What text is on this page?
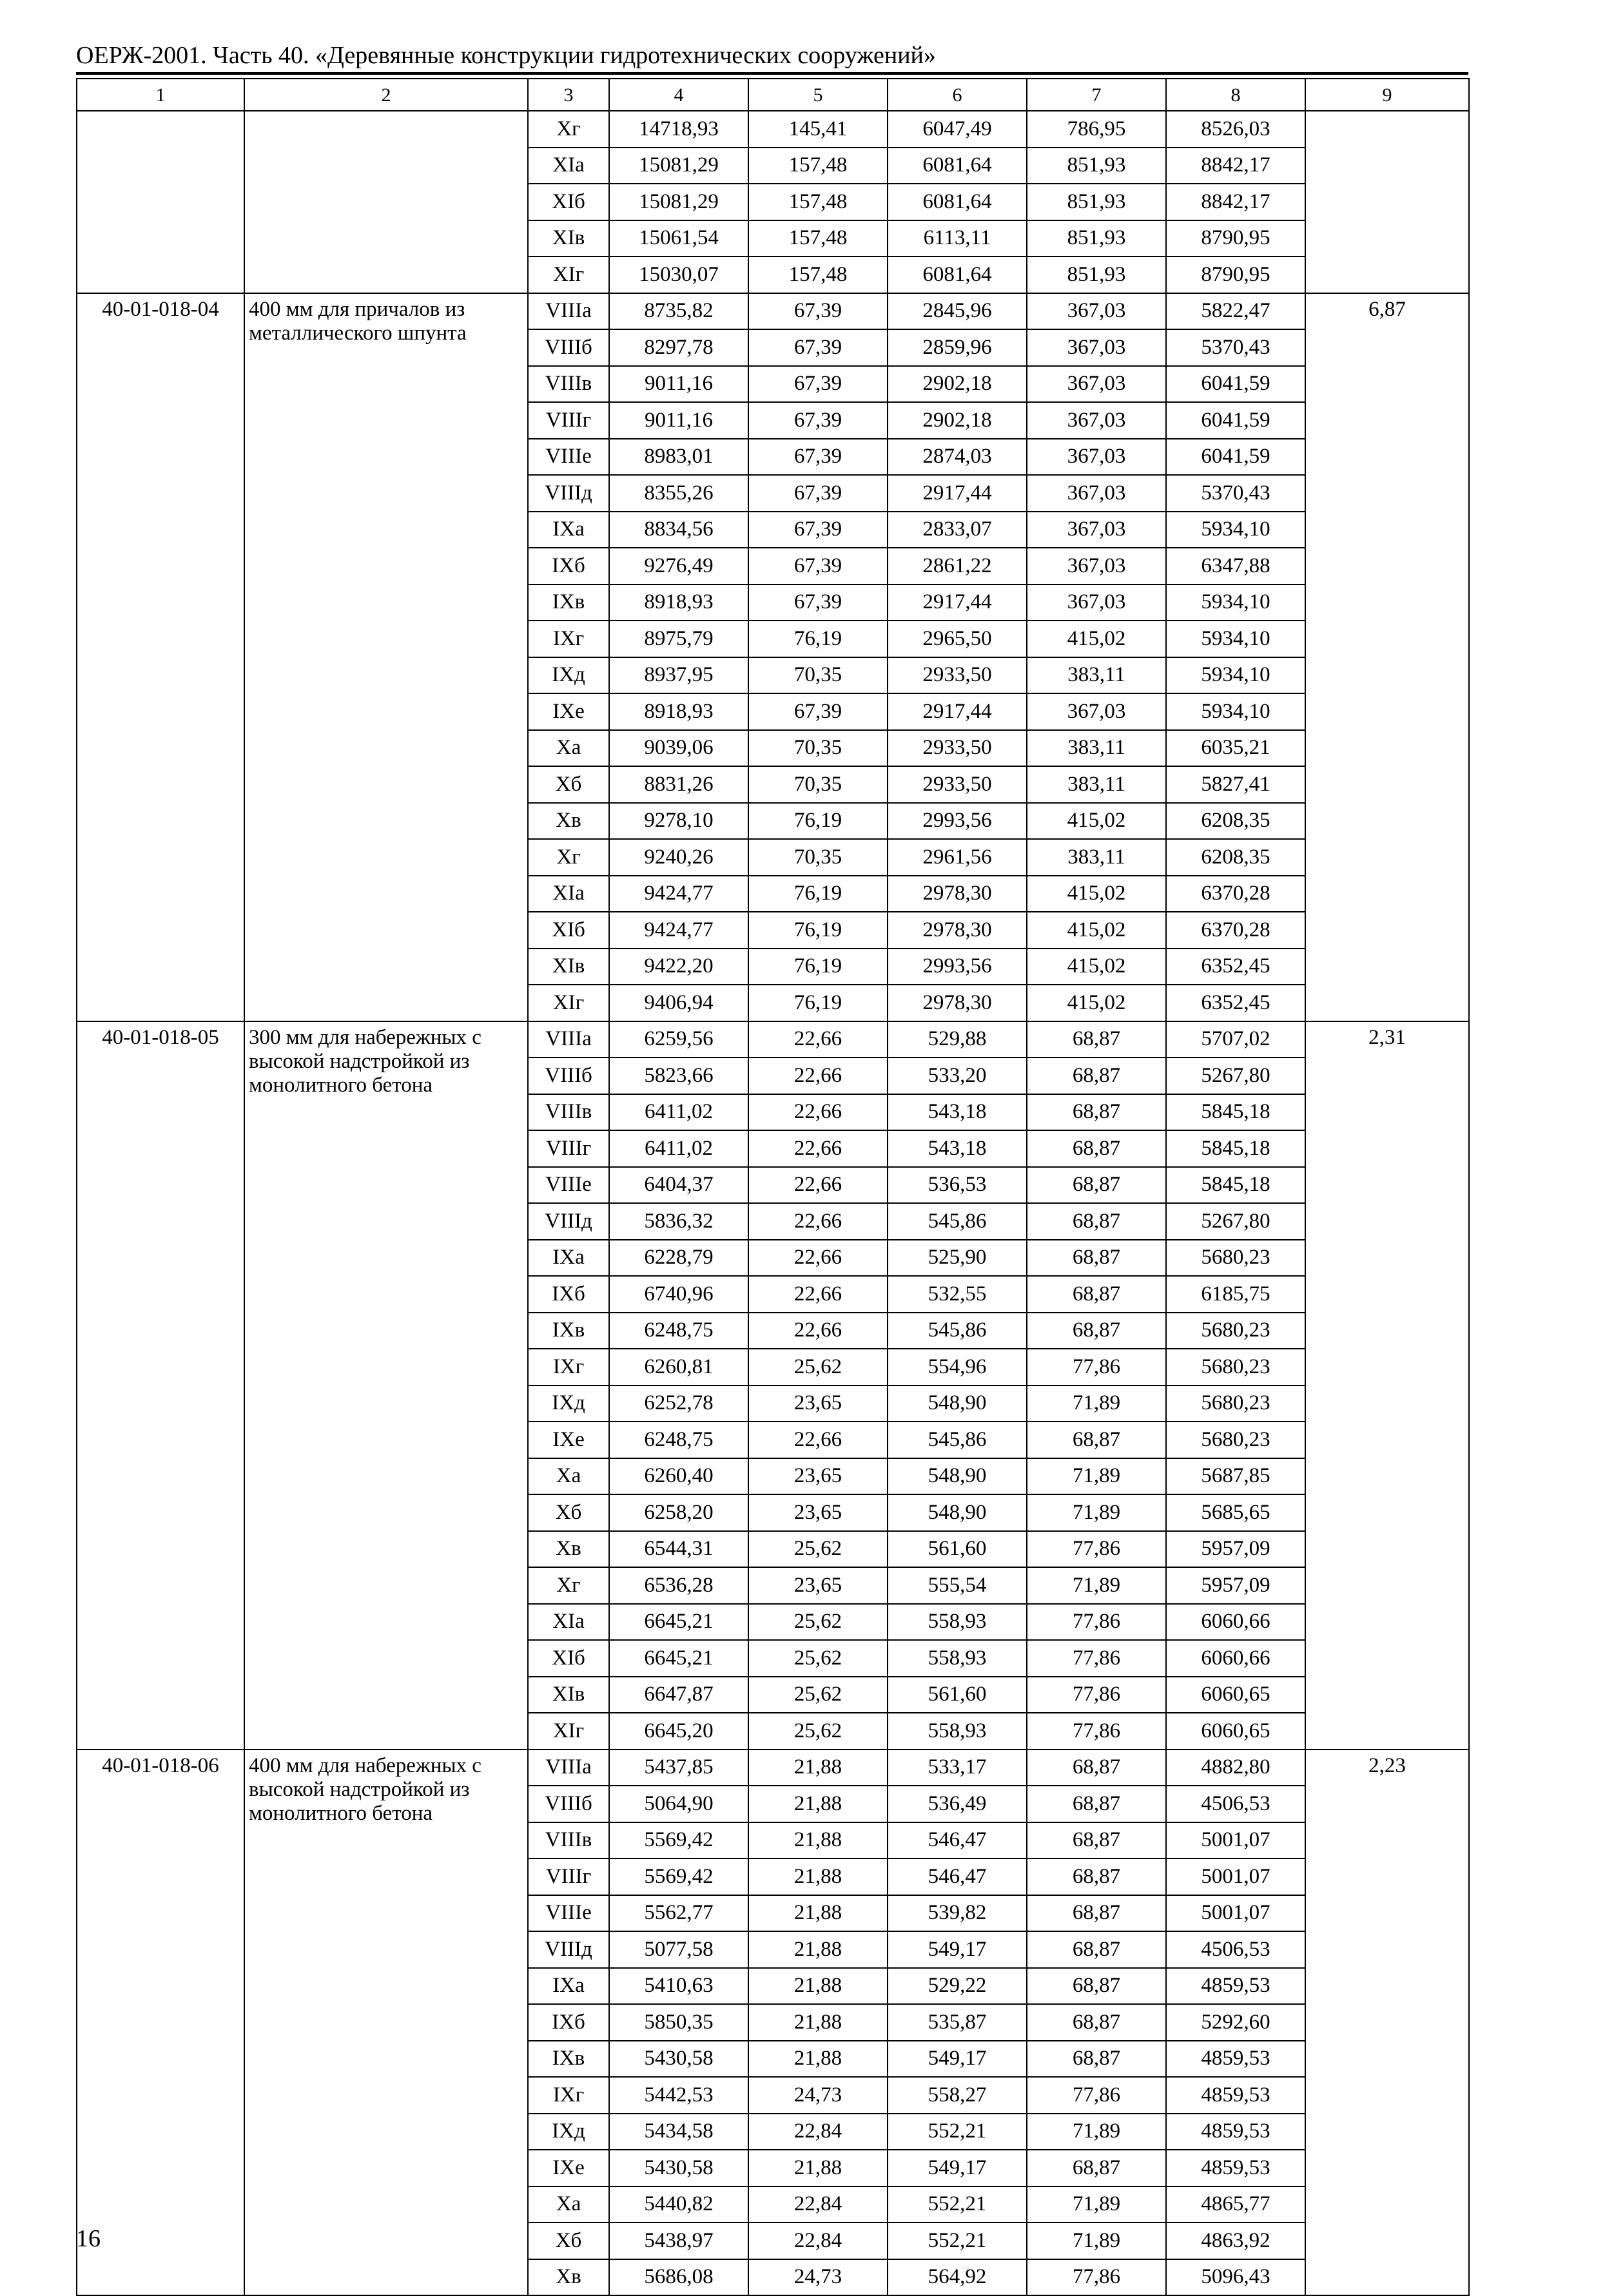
ОЕРЖ-2001. Часть 40. «Деревянные конструкции гидротехнических сооружений»
1	2	3	4	5	6	7	8	9
		Xг	14718,93	145,41	6047,49	786,95	8526,03	
		XIа	15081,29	157,48	6081,64	851,93	8842,17	
		XIб	15081,29	157,48	6081,64	851,93	8842,17	
		XIв	15061,54	157,48	6113,11	851,93	8790,95	
		XIг	15030,07	157,48	6081,64	851,93	8790,95	
40-01-018-04	400 мм для причалов из металлического шпунта	VIIIа	8735,82	67,39	2845,96	367,03	5822,47	6,87
		VIIIб	8297,78	67,39	2859,96	367,03	5370,43	
		VIIIв	9011,16	67,39	2902,18	367,03	6041,59	
		VIIIг	9011,16	67,39	2902,18	367,03	6041,59	
		VIIIе	8983,01	67,39	2874,03	367,03	6041,59	
		VIIIд	8355,26	67,39	2917,44	367,03	5370,43	
		IXа	8834,56	67,39	2833,07	367,03	5934,10	
		IXб	9276,49	67,39	2861,22	367,03	6347,88	
		IXв	8918,93	67,39	2917,44	367,03	5934,10	
		IXг	8975,79	76,19	2965,50	415,02	5934,10	
		IXд	8937,95	70,35	2933,50	383,11	5934,10	
		IXе	8918,93	67,39	2917,44	367,03	5934,10	
		Xа	9039,06	70,35	2933,50	383,11	6035,21	
		Xб	8831,26	70,35	2933,50	383,11	5827,41	
		Xв	9278,10	76,19	2993,56	415,02	6208,35	
		Xг	9240,26	70,35	2961,56	383,11	6208,35	
		XIа	9424,77	76,19	2978,30	415,02	6370,28	
		XIб	9424,77	76,19	2978,30	415,02	6370,28	
		XIв	9422,20	76,19	2993,56	415,02	6352,45	
		XIг	9406,94	76,19	2978,30	415,02	6352,45	
40-01-018-05	300 мм для набережных с высокой надстройкой из монолитного бетона	VIIIа	6259,56	22,66	529,88	68,87	5707,02	2,31
		VIIIб	5823,66	22,66	533,20	68,87	5267,80	
		VIIIв	6411,02	22,66	543,18	68,87	5845,18	
		VIIIг	6411,02	22,66	543,18	68,87	5845,18	
		VIIIе	6404,37	22,66	536,53	68,87	5845,18	
		VIIIд	5836,32	22,66	545,86	68,87	5267,80	
		IXа	6228,79	22,66	525,90	68,87	5680,23	
		IXб	6740,96	22,66	532,55	68,87	6185,75	
		IXв	6248,75	22,66	545,86	68,87	5680,23	
		IXг	6260,81	25,62	554,96	77,86	5680,23	
		IXд	6252,78	23,65	548,90	71,89	5680,23	
		IXе	6248,75	22,66	545,86	68,87	5680,23	
		Xа	6260,40	23,65	548,90	71,89	5687,85	
		Xб	6258,20	23,65	548,90	71,89	5685,65	
		Xв	6544,31	25,62	561,60	77,86	5957,09	
		Xг	6536,28	23,65	555,54	71,89	5957,09	
		XIа	6645,21	25,62	558,93	77,86	6060,66	
		XIб	6645,21	25,62	558,93	77,86	6060,66	
		XIв	6647,87	25,62	561,60	77,86	6060,65	
		XIг	6645,20	25,62	558,93	77,86	6060,65	
40-01-018-06	400 мм для набережных с высокой надстройкой из монолитного бетона	VIIIа	5437,85	21,88	533,17	68,87	4882,80	2,23
		VIIIб	5064,90	21,88	536,49	68,87	4506,53	
		VIIIв	5569,42	21,88	546,47	68,87	5001,07	
		VIIIг	5569,42	21,88	546,47	68,87	5001,07	
		VIIIе	5562,77	21,88	539,82	68,87	5001,07	
		VIIIд	5077,58	21,88	549,17	68,87	4506,53	
		IXа	5410,63	21,88	529,22	68,87	4859,53	
		IXб	5850,35	21,88	535,87	68,87	5292,60	
		IXв	5430,58	21,88	549,17	68,87	4859,53	
		IXг	5442,53	24,73	558,27	77,86	4859,53	
		IXд	5434,58	22,84	552,21	71,89	4859,53	
		IXе	5430,58	21,88	549,17	68,87	4859,53	
		Xа	5440,82	22,84	552,21	71,89	4865,77	
		Xб	5438,97	22,84	552,21	71,89	4863,92	
		Xв	5686,08	24,73	564,92	77,86	5096,43	
16
